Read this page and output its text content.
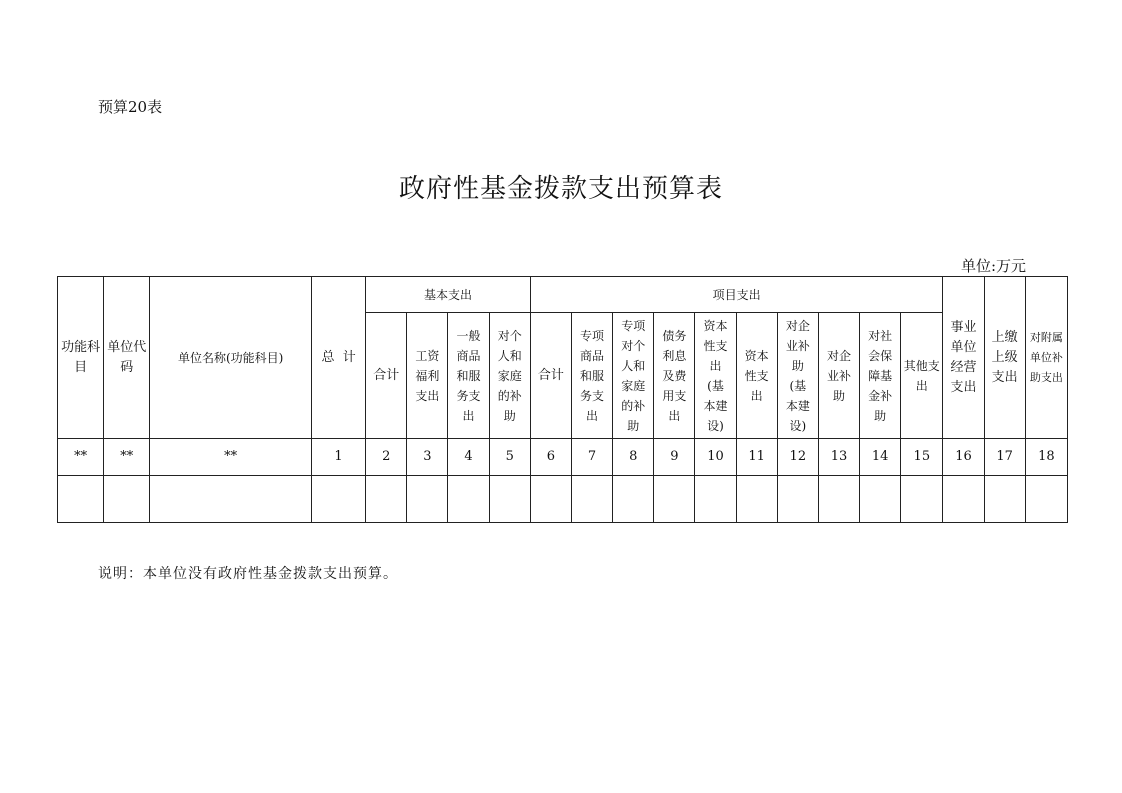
预算20表
政府性基金拨款支出预算表
单位:万元
功能科目	单位代码	单位名称(功能科目)	总  计	基本支出				项目支出										事业单位经营支出	上缴上级支出	对附属单位补助支出
				合计	工资福利支出	一般商品和服务支出	对个人和家庭的补助	合计	专项商品和服务支出	专项对个人和家庭的补助	债务利息及费用支出	资本性支出(基本建设)	资本性支出	对企业补助(基本建设)	对企业补助	对社会保障基金补助	其他支出			
**	**	**	1	2	3	4	5	6	7	8	9	10	11	12	13	14	15	16	17	18

说明：本单位没有政府性基金拨款支出预算。
